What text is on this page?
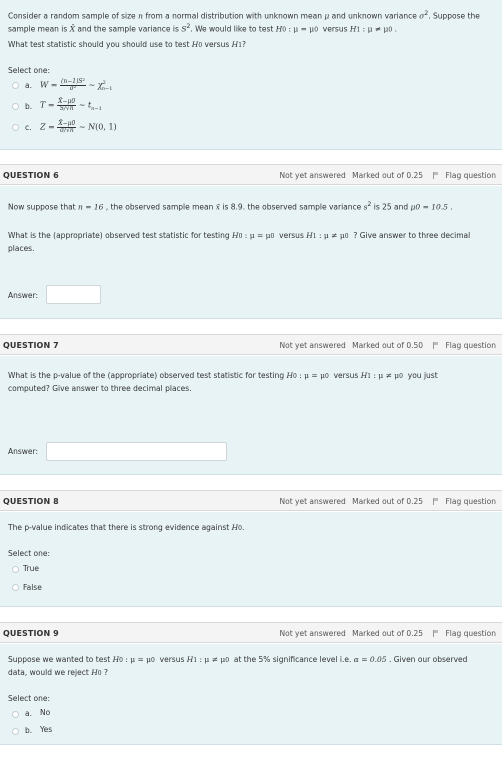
Consider a random sample of size n from a normal distribution with unknown mean μ and unknown variance $\sigma^2$. Suppose the
sample mean is X̄ and the sample variance is $S^2$. We would like to test H0 : μ = μ0 versus H1 : μ ≠ μ0 .
What test statistic should you should use to test H0 versus H1?
Select one:
a. $W = \frac{\text{(n−1)S²}}{\text{σ²}}$ ~ $\chi^2_{n-1}$
b. $T = \frac{X̄-\mu 0}{S/√n}$ ~ $t_{n-1}$
c. $Z = \frac{X̄-\mu 0}{\sigma/√n}$ ~ N(0, 1)
QUESTION 6	Not yet answered Marked out of 0.25	Flag question
Now suppose that n = 16 , the observed sample mean x̄ is 8.9. the observed sample variance $s^2$ is 25 and μ0 = 10.5 .
What is the (appropriate) observed test statistic for testing H0 : μ = μ0 versus H1 : μ ≠ μ0 ? Give answer to three decimal
places.
Answer:
QUESTION 7	Not yet answered Marked out of 0.50	Flag question
What is the p-value of the (appropriate) observed test statistic for testing H0 : μ = μ0 versus H1 : μ ≠ μ0 you just
computed? Give answer to three decimal places.
Answer:
QUESTION 8	Not yet answered Marked out of 0.25	Flag question
The p-value indicates that there is strong evidence against H0.
Select one:
True
False
QUESTION 9	Not yet answered Marked out of 0.25	Flag question
Suppose we wanted to test H0 : μ = μ0 versus H1 : μ ≠ μ0 at the 5% significance level i.e. α = 0.05 . Given our observed
data, would we reject H0 ?
Select one:
a. No
b. Yes
